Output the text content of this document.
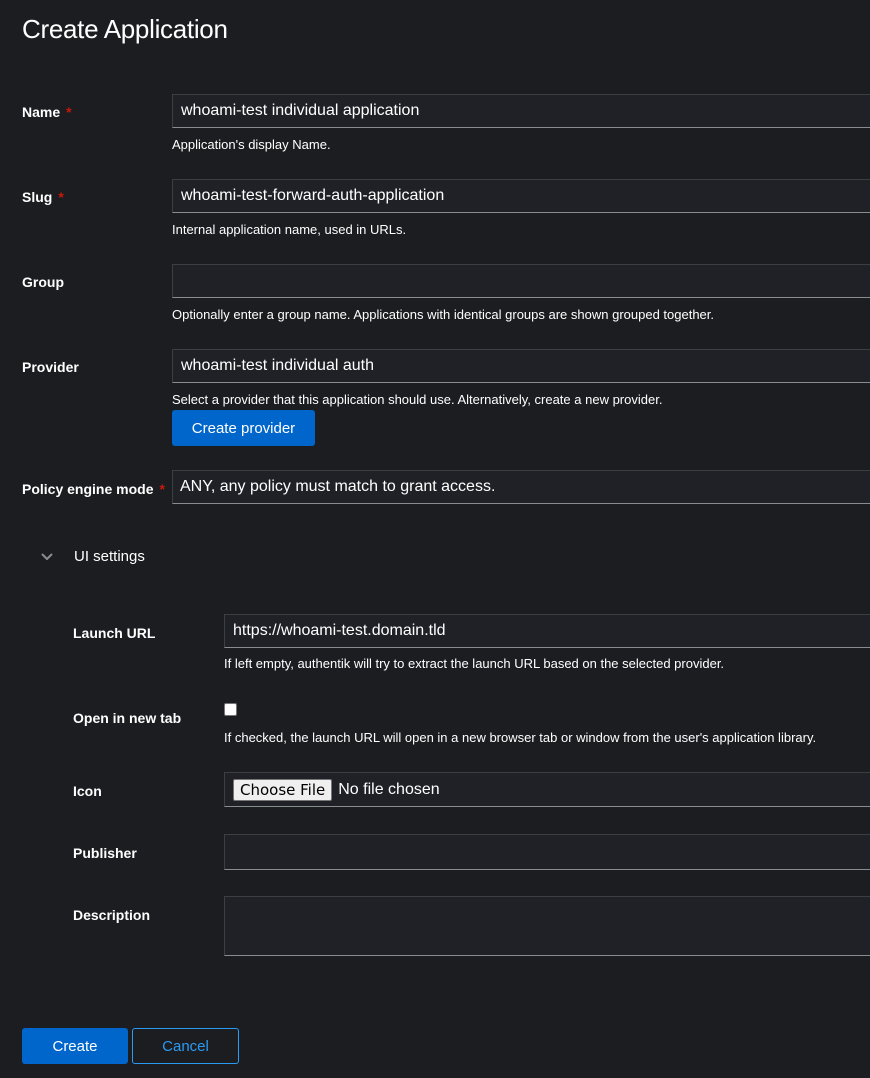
Create Application
Name *	whoami-test individual application
Application's display Name.
Slug *	whoami-test-forward-auth-application
Internal application name, used in URLs.
Group
Optionally enter a group name. Applications with identical groups are shown grouped together.
Provider	whoami-test individual auth
Select a provider that this application should use. Alternatively, create a new provider.
Create provider
Policy engine mode * ANY, any policy must match to grant access.
UI settings
Launch URL	https://whoami-test.domain.tld
If left empty, authentik will try to extract the launch URL based on the selected provider.
Open in new tab
If checked, the launch URL will open in a new browser tab or window from the user's application library.
Icon	Choose File No file chosen
Publisher
Description
Create	Cancel
